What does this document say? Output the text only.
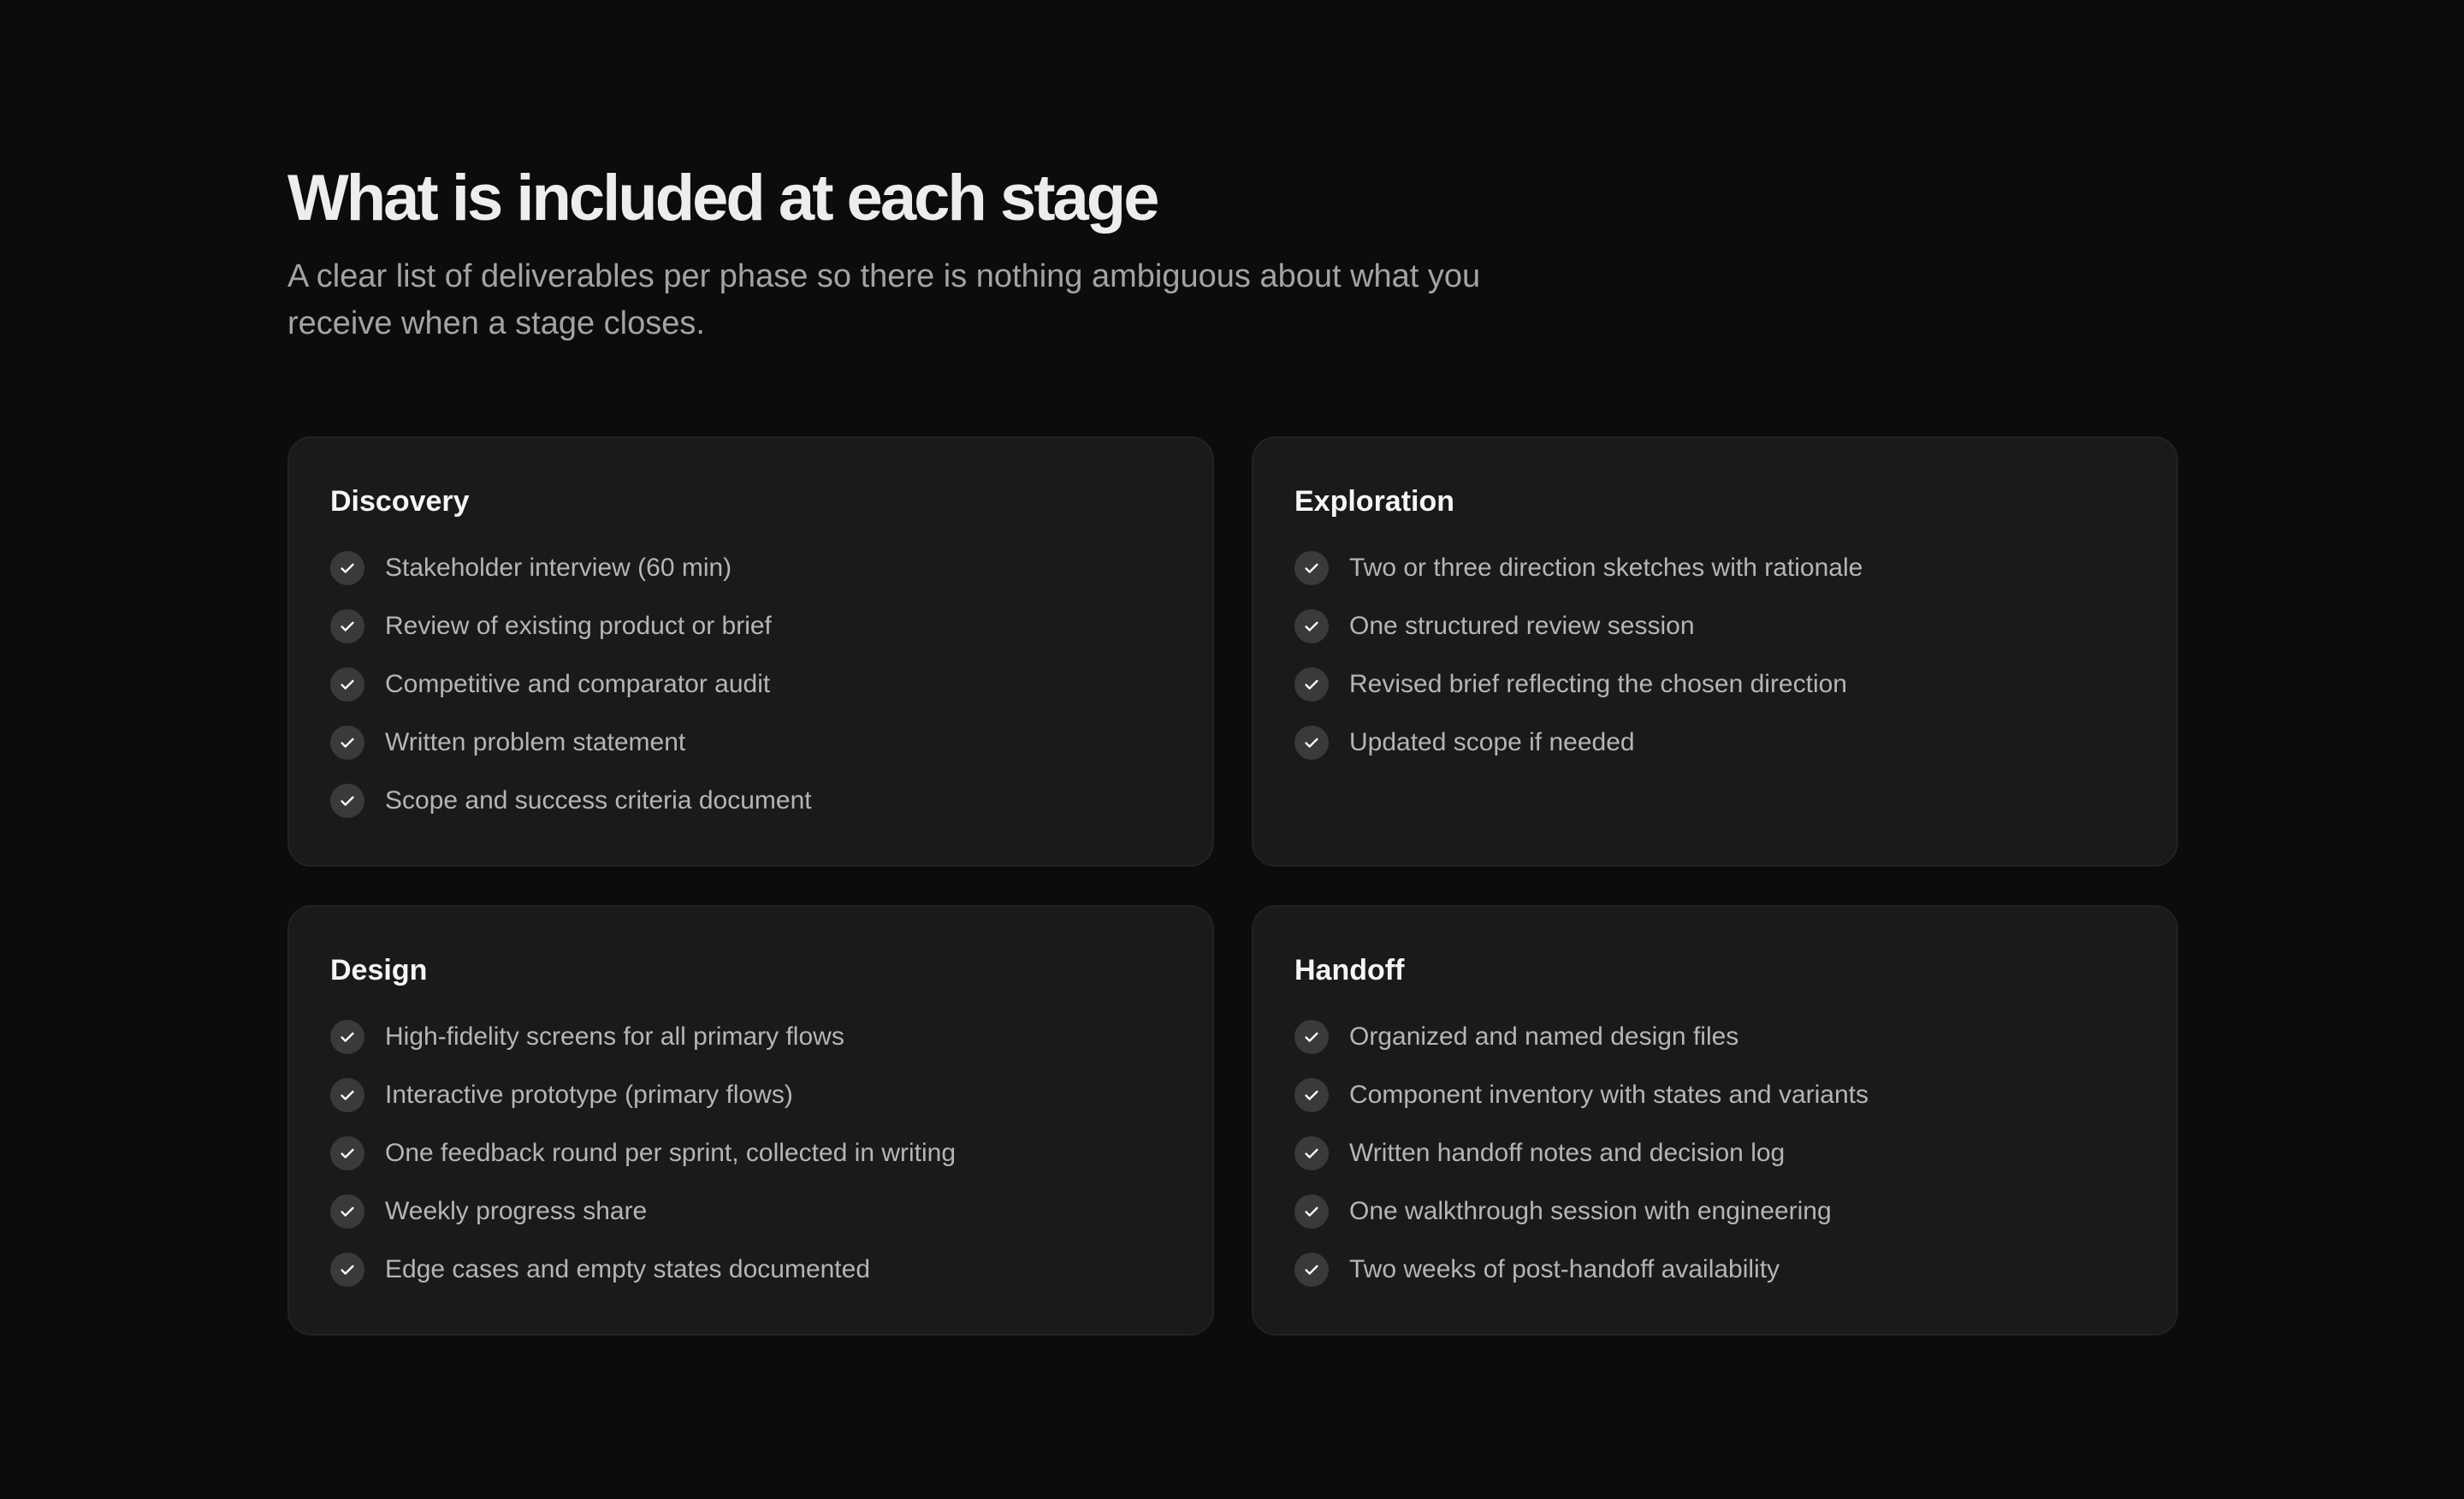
What is included at each stage

A clear list of deliverables per phase so there is nothing ambiguous about what you receive when a stage closes.

Discovery
Stakeholder interview (60 min)
Review of existing product or brief
Competitive and comparator audit
Written problem statement
Scope and success criteria document
Exploration
Two or three direction sketches with rationale
One structured review session
Revised brief reflecting the chosen direction
Updated scope if needed
Design
High-fidelity screens for all primary flows
Interactive prototype (primary flows)
One feedback round per sprint, collected in writing
Weekly progress share
Edge cases and empty states documented
Handoff
Organized and named design files
Component inventory with states and variants
Written handoff notes and decision log
One walkthrough session with engineering
Two weeks of post-handoff availability
